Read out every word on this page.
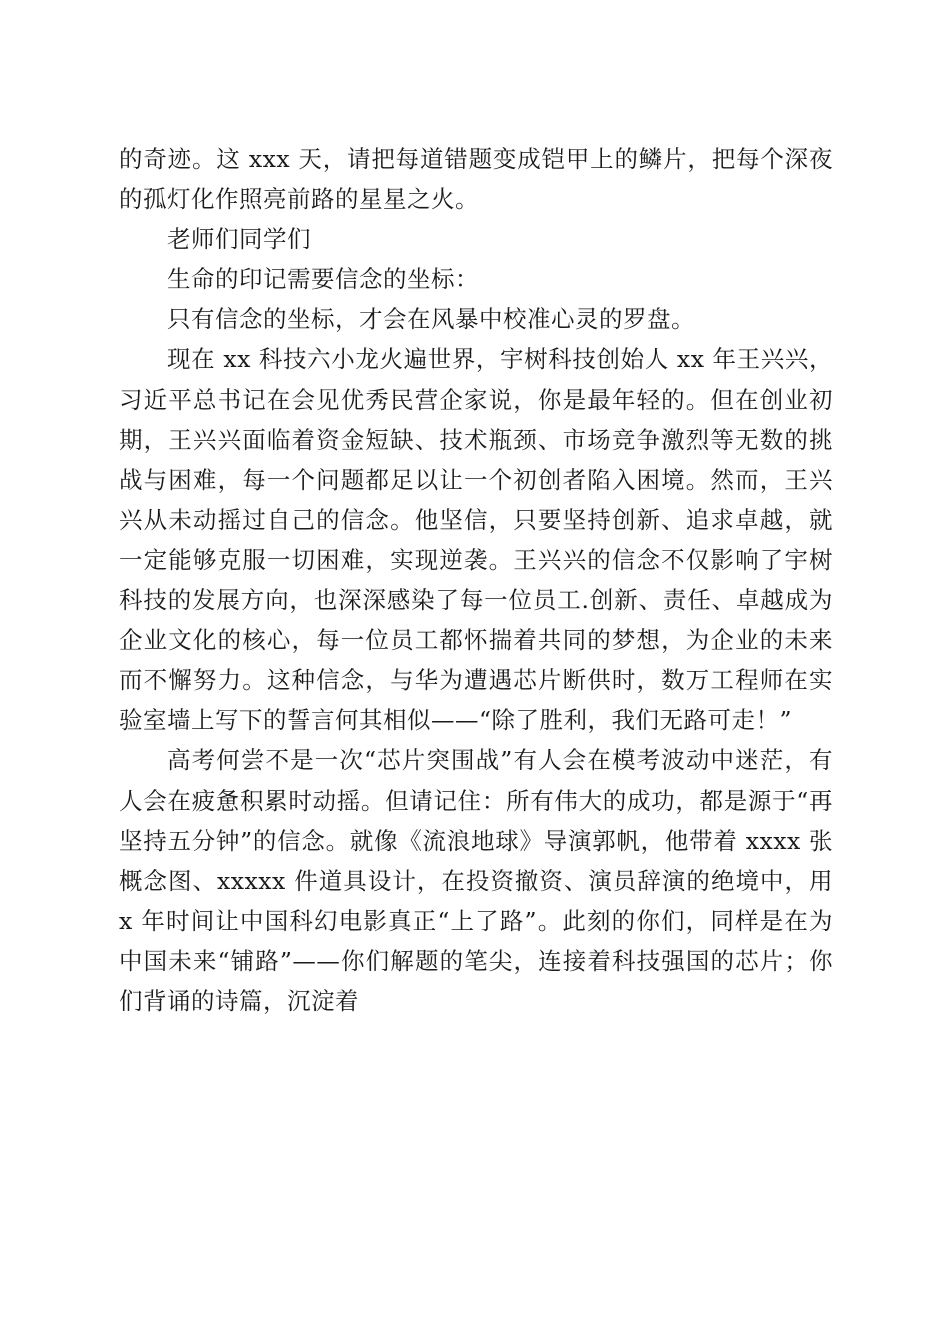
的奇迹。这 xxx 天，请把每道错题变成铠甲上的鳞片，把每个深夜的孤灯化作照亮前路的星星之火。

老师们同学们

生命的印记需要信念的坐标：

只有信念的坐标，才会在风暴中校准心灵的罗盘。

现在 xx 科技六小龙火遍世界，宇树科技创始人 xx 年王兴兴，习近平总书记在会见优秀民营企家说，你是最年轻的。但在创业初期，王兴兴面临着资金短缺、技术瓶颈、市场竞争激烈等无数的挑战与困难，每一个问题都足以让一个初创者陷入困境。然而，王兴兴从未动摇过自己的信念。他坚信，只要坚持创新、追求卓越，就一定能够克服一切困难，实现逆袭。王兴兴的信念不仅影响了宇树科技的发展方向，也深深感染了每一位员工.创新、责任、卓越成为企业文化的核心，每一位员工都怀揣着共同的梦想，为企业的未来而不懈努力。这种信念，与华为遭遇芯片断供时，数万工程师在实验室墙上写下的誓言何其相似——“除了胜利，我们无路可走！”

高考何尝不是一次“芯片突围战”有人会在模考波动中迷茫，有人会在疲惫积累时动摇。但请记住：所有伟大的成功，都是源于“再坚持五分钟”的信念。就像《流浪地球》导演郭帆，他带着 xxxx 张概念图、xxxxx 件道具设计，在投资撤资、演员辞演的绝境中，用 x 年时间让中国科幻电影真正“上了路”。此刻的你们，同样是在为中国未来“铺路”——你们解题的笔尖，连接着科技强国的芯片；你们背诵的诗篇，沉淀着
